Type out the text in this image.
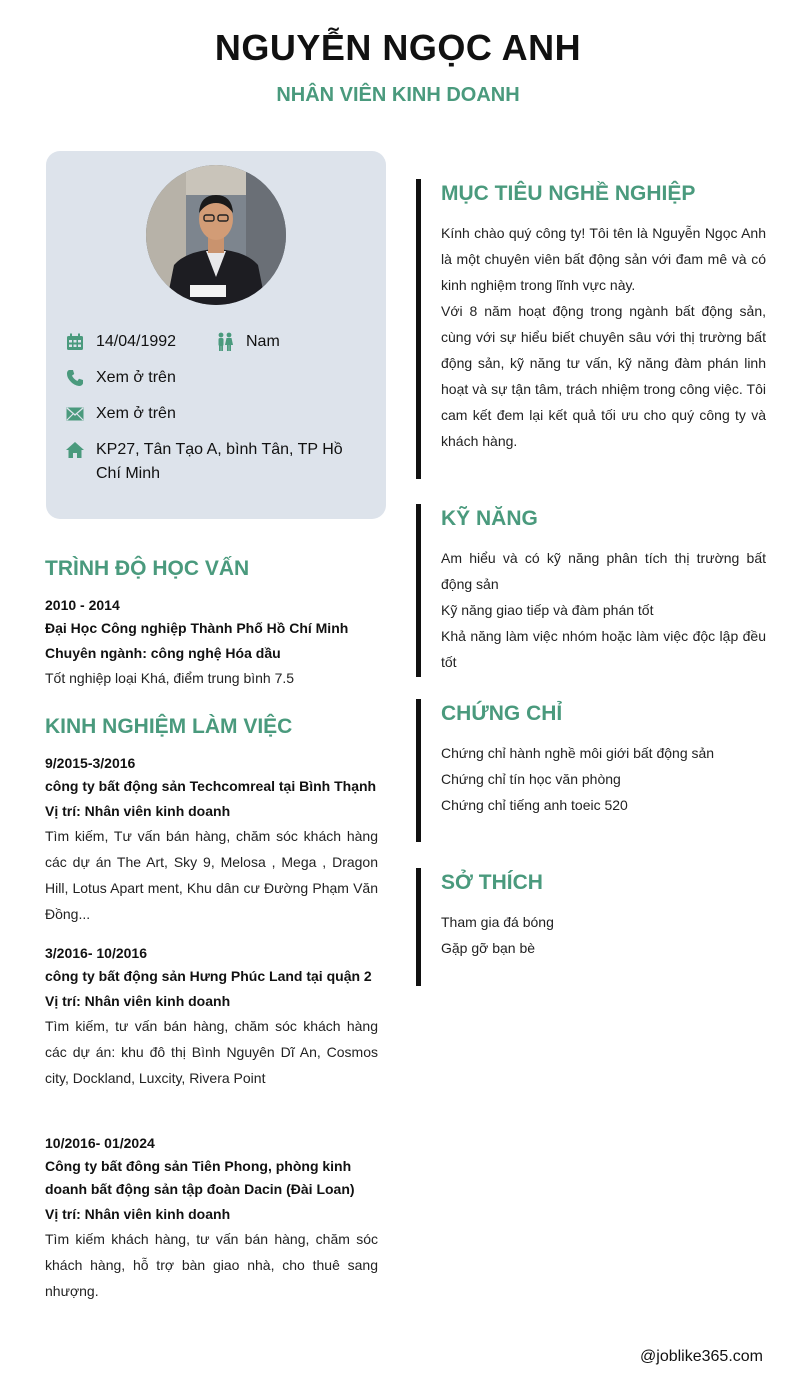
NGUYỄN NGỌC ANH
NHÂN VIÊN KINH DOANH
14/04/1992	Nam
Xem ở trên
Xem ở trên
KP27, Tân Tạo A, bình Tân, TP Hồ Chí Minh
TRÌNH ĐỘ HỌC VẤN
2010 - 2014
Đại Học Công nghiệp Thành Phố Hồ Chí Minh
Chuyên ngành: công nghệ Hóa dầu
Tốt nghiệp loại Khá, điểm trung bình 7.5
KINH NGHIỆM LÀM VIỆC
9/2015-3/2016
công ty bất động sản Techcomreal tại Bình Thạnh
Vị trí: Nhân viên kinh doanh
Tìm kiếm, Tư vấn bán hàng, chăm sóc khách hàng các dự án The Art, Sky 9, Melosa , Mega , Dragon Hill, Lotus Apart ment, Khu dân cư Đường Phạm Văn Đồng...
3/2016- 10/2016
công ty bất động sản Hưng Phúc Land tại quận 2
Vị trí: Nhân viên kinh doanh
Tìm kiếm, tư vấn bán hàng, chăm sóc khách hàng các dự án: khu đô thị Bình Nguyên Dĩ An, Cosmos city, Dockland, Luxcity, Rivera Point
10/2016- 01/2024
Công ty bất đông sản Tiên Phong, phòng kinh doanh bất động sản tập đoàn Dacin (Đài Loan)
Vị trí: Nhân viên kinh doanh
Tìm kiếm khách hàng, tư vấn bán hàng, chăm sóc khách hàng, hỗ trợ bàn giao nhà, cho thuê sang nhượng.
MỤC TIÊU NGHỀ NGHIỆP
Kính chào quý công ty! Tôi tên là Nguyễn Ngọc Anh là một chuyên viên bất động sản với đam mê và có kinh nghiệm trong lĩnh vực này.
Với 8 năm hoạt động trong ngành bất động sản, cùng với sự hiểu biết chuyên sâu với thị trường bất động sản, kỹ năng tư vấn, kỹ năng đàm phán linh hoạt và sự tận tâm, trách nhiệm trong công việc. Tôi cam kết đem lại kết quả tối ưu cho quý công ty và khách hàng.
KỸ NĂNG
Am hiểu và có kỹ năng phân tích thị trường bất động sản
Kỹ năng giao tiếp và đàm phán tốt
Khả năng làm việc nhóm hoặc làm việc độc lập đều tốt
CHỨNG CHỈ
Chứng chỉ hành nghề môi giới bất động sản
Chứng chỉ tín học văn phòng
Chứng chỉ tiếng anh toeic 520
SỞ THÍCH
Tham gia đá bóng
Gặp gỡ bạn bè
@joblike365.com
